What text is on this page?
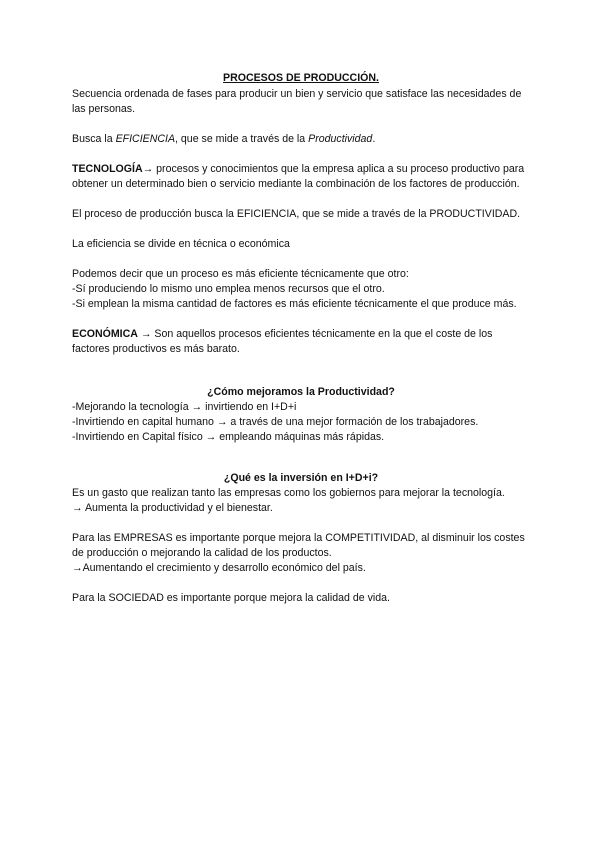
PROCESOS DE PRODUCCIÓN.

Secuencia ordenada de fases para producir un bien y servicio que satisface las necesidades de las personas.

Busca la EFICIENCIA, que se mide a través de la Productividad.

TECNOLOGÍA→ procesos y conocimientos que la empresa aplica a su proceso productivo para obtener un determinado bien o servicio mediante la combinación de los factores de producción.

El proceso de producción busca la EFICIENCIA, que se mide a través de la PRODUCTIVIDAD.

La eficiencia se divide en técnica o económica

Podemos decir que un proceso es más eficiente técnicamente que otro:

-Sí produciendo lo mismo uno emplea menos recursos que el otro.

-Si emplean la misma cantidad de factores es más eficiente técnicamente el que produce más.

ECONÓMICA → Son aquellos procesos eficientes técnicamente en la que el coste de los factores productivos es más barato.

¿Cómo mejoramos la Productividad?

-Mejorando la tecnología → invirtiendo en I+D+i

-Invirtiendo en capital humano → a través de una mejor formación de los trabajadores.

-Invirtiendo en Capital físico → empleando máquinas más rápidas.

¿Qué es la inversión en I+D+i?

Es un gasto que realizan tanto las empresas como los gobiernos para mejorar la tecnología.

→ Aumenta la productividad y el bienestar.

Para las EMPRESAS es importante porque mejora la COMPETITIVIDAD, al disminuir los costes de producción o mejorando la calidad de los productos.

→Aumentando el crecimiento y desarrollo económico del país.

Para la SOCIEDAD es importante porque mejora la calidad de vida.
